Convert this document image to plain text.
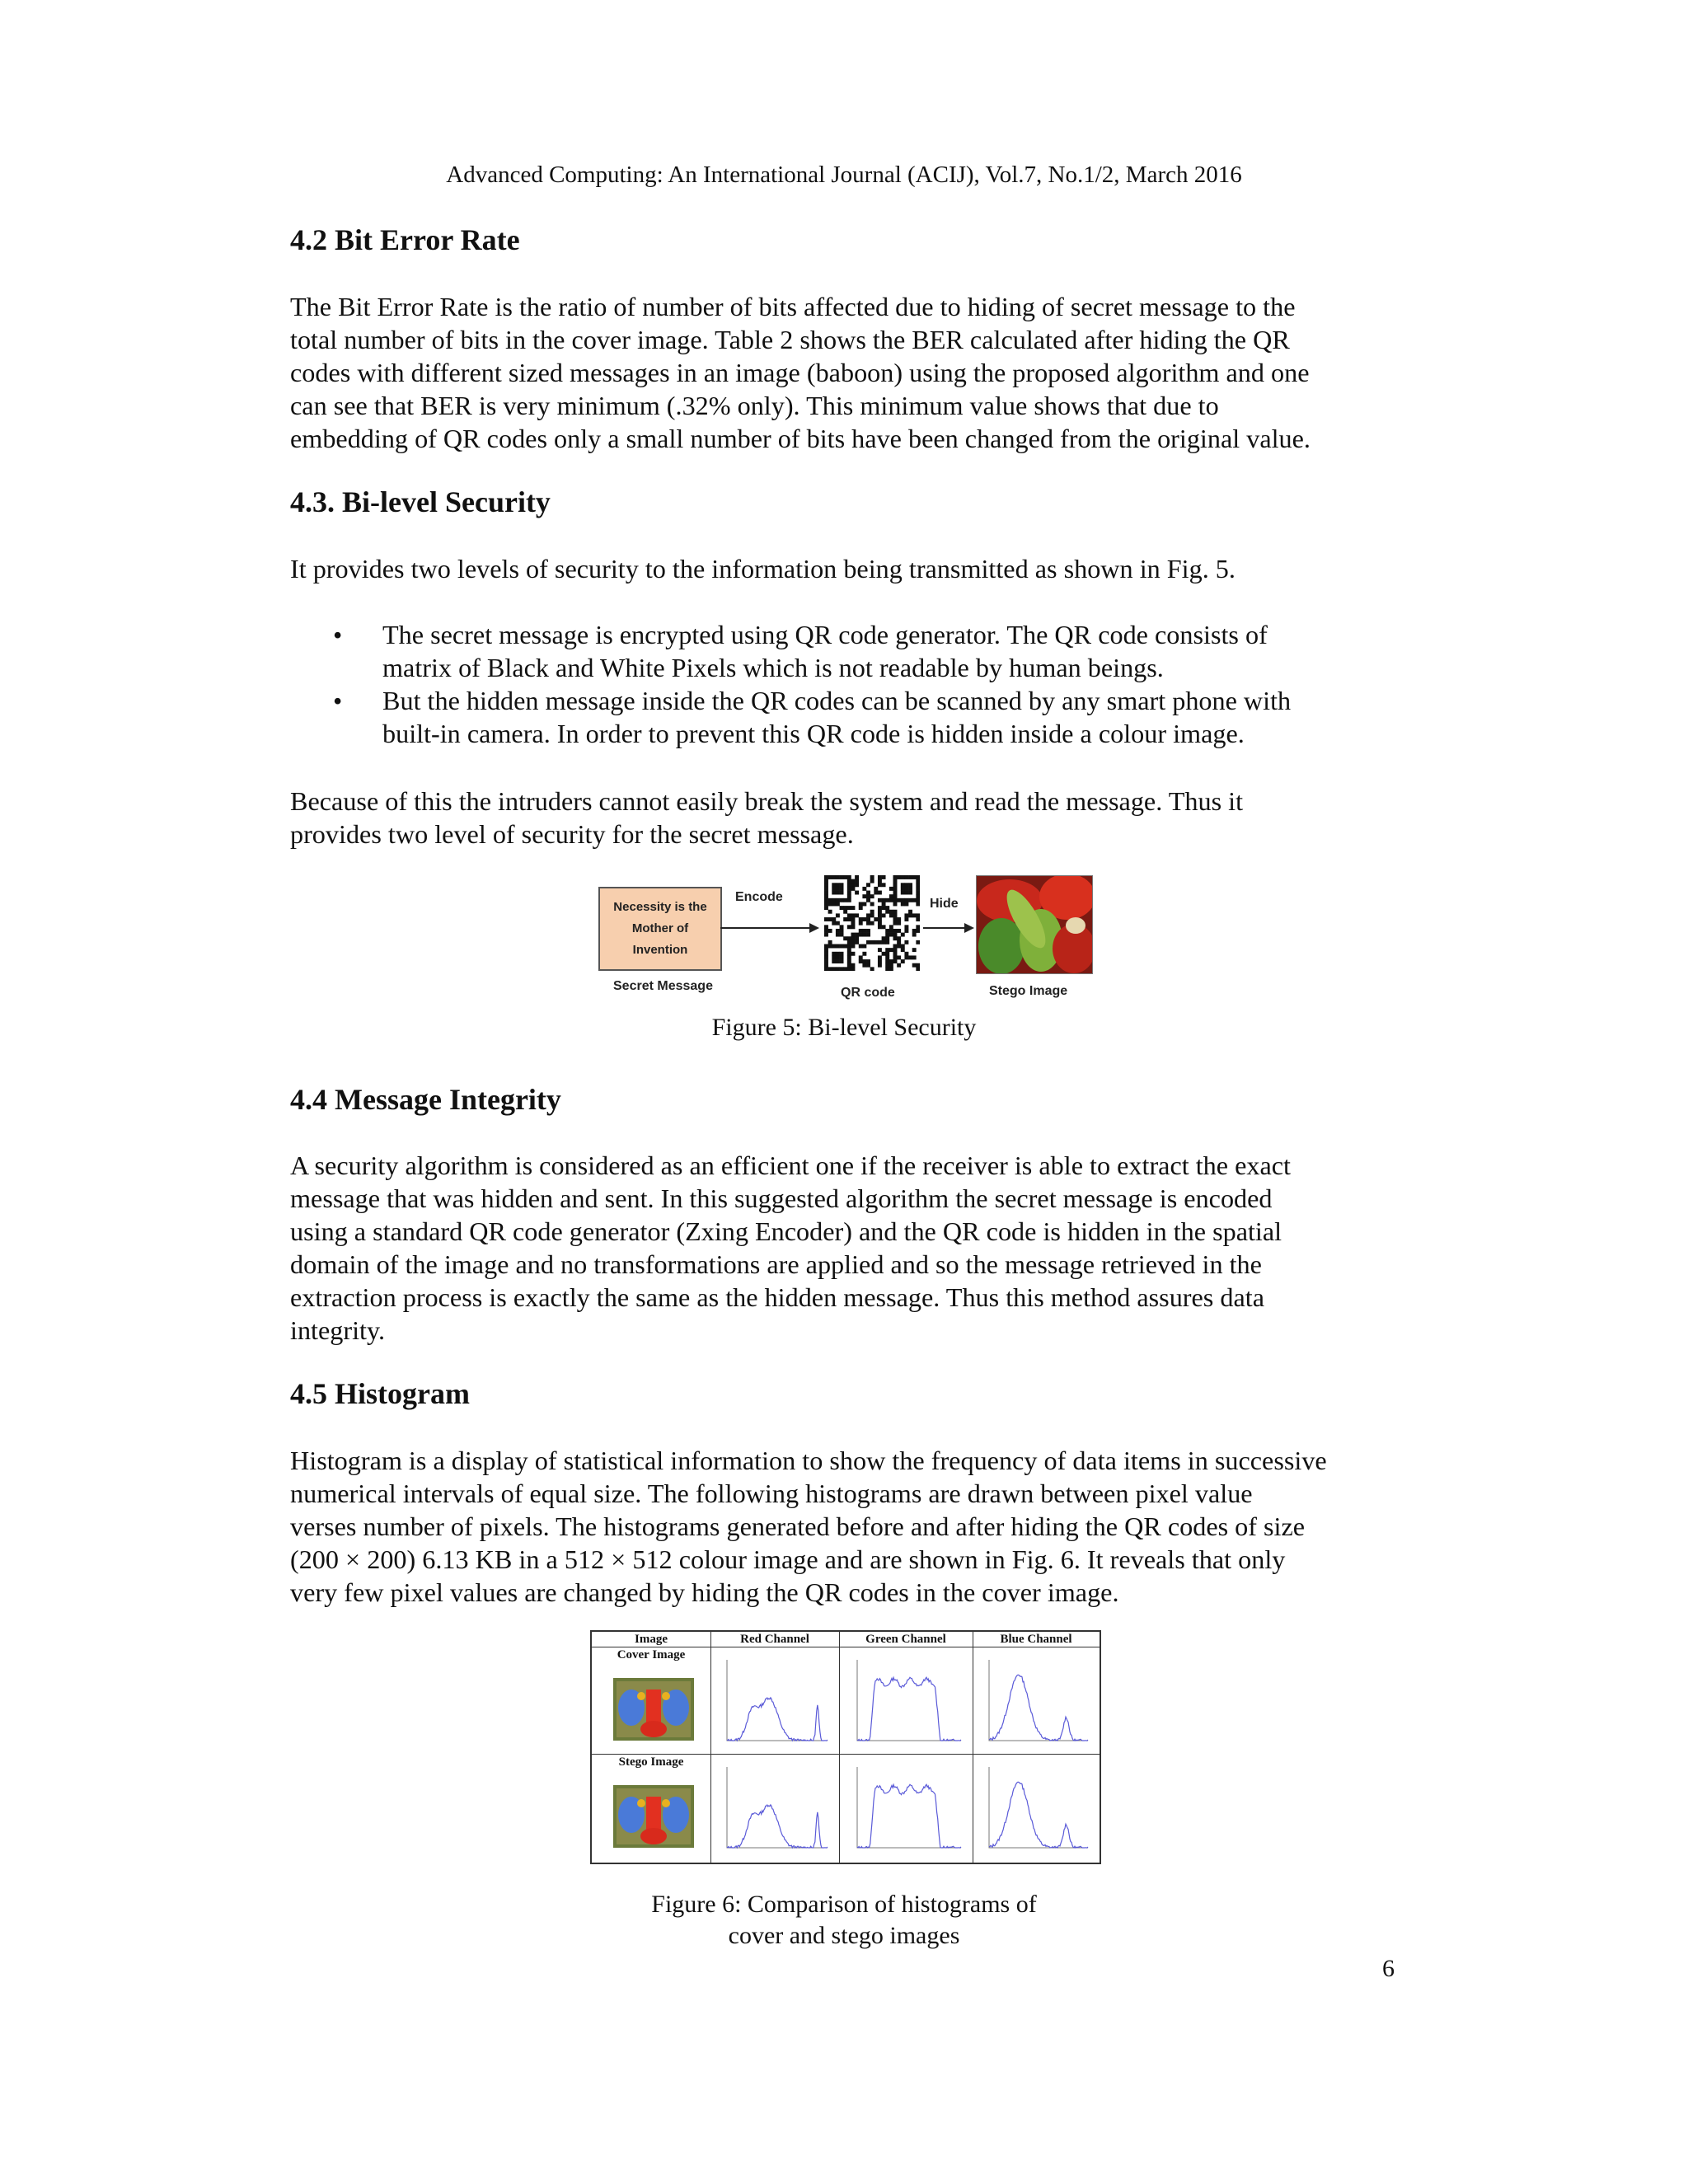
Advanced Computing: An International Journal (ACIJ), Vol.7, No.1/2, March 2016
4.2 Bit Error Rate
The Bit Error Rate is the ratio of number of bits affected due to hiding of secret message to the
total number of bits in the cover image. Table 2 shows the BER calculated after hiding the QR
codes with different sized messages in an image (baboon) using the proposed algorithm and one
can see that BER is very minimum (.32% only). This minimum value shows that due to
embedding of QR codes only a small number of bits have been changed from the original value.
4.3. Bi-level Security
It provides two levels of security to the information being transmitted as shown in Fig. 5.
• The secret message is encrypted using QR code generator. The QR code consists of
matrix of Black and White Pixels which is not readable by human beings.
• But the hidden message inside the QR codes can be scanned by any smart phone with
built-in camera. In order to prevent this QR code is hidden inside a colour image.
Because of this the intruders cannot easily break the system and read the message. Thus it
provides two level of security for the secret message.
Necessity is the
Mother of
Invention
Encode	Hide
Secret Message	QR code	Stego Image
Figure 5: Bi-level Security
4.4 Message Integrity
A security algorithm is considered as an efficient one if the receiver is able to extract the exact
message that was hidden and sent. In this suggested algorithm the secret message is encoded
using a standard QR code generator (Zxing Encoder) and the QR code is hidden in the spatial
domain of the image and no transformations are applied and so the message retrieved in the
extraction process is exactly the same as the hidden message. Thus this method assures data
integrity.
4.5 Histogram
Histogram is a display of statistical information to show the frequency of data items in successive
numerical intervals of equal size. The following histograms are drawn between pixel value
verses number of pixels. The histograms generated before and after hiding the QR codes of size
(200 × 200) 6.13 KB in a 512 × 512 colour image and are shown in Fig. 6. It reveals that only
very few pixel values are changed by hiding the QR codes in the cover image.
Image	Red Channel	Green Channel	Blue Channel
Cover Image
Stego Image
Figure 6: Comparison of histograms of
cover and stego images
6
